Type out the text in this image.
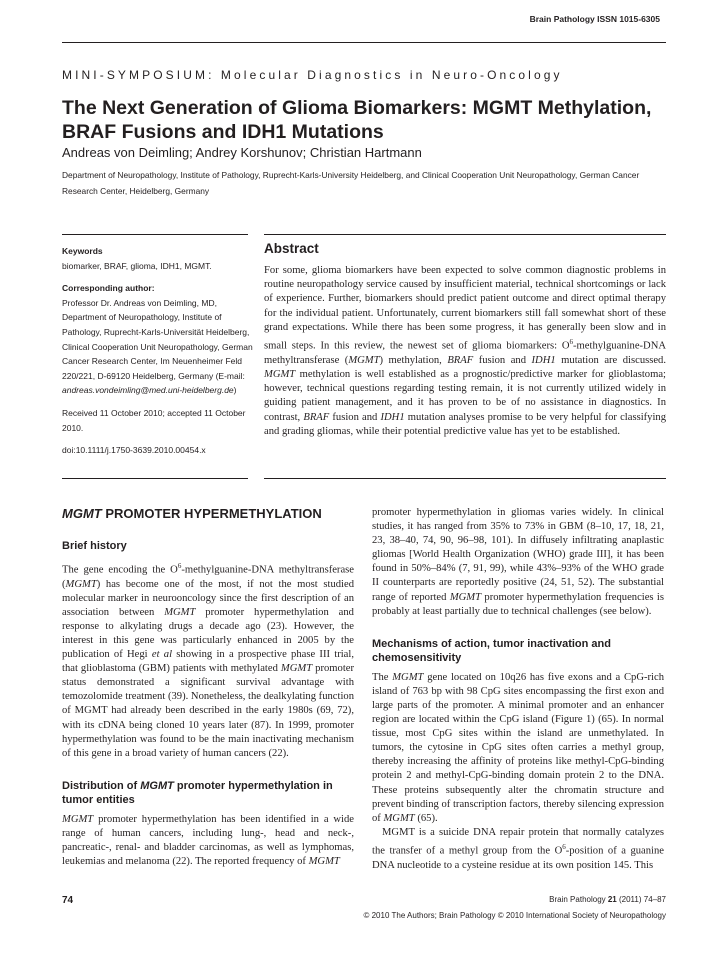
Brain Pathology ISSN 1015-6305
MINI-SYMPOSIUM: Molecular Diagnostics in Neuro-Oncology
The Next Generation of Glioma Biomarkers: MGMT Methylation, BRAF Fusions and IDH1 Mutations
Andreas von Deimling; Andrey Korshunov; Christian Hartmann
Department of Neuropathology, Institute of Pathology, Ruprecht-Karls-University Heidelberg, and Clinical Cooperation Unit Neuropathology, German Cancer Research Center, Heidelberg, Germany

Keywords

biomarker, BRAF, glioma, IDH1, MGMT.

Corresponding author:

Professor Dr. Andreas von Deimling, MD, Department of Neuropathology, Institute of Pathology, Ruprecht-Karls-Universität Heidelberg, Clinical Cooperation Unit Neuropathology, German Cancer Research Center, Im Neuenheimer Feld 220/221, D-69120 Heidelberg, Germany (E-mail: andreas.vondeimling@med.uni-heidelberg.de)

Received 11 October 2010; accepted 11 October 2010.

doi:10.1111/j.1750-3639.2010.00454.x

Abstract

For some, glioma biomarkers have been expected to solve common diagnostic problems in routine neuropathology service caused by insufficient material, technical shortcomings or lack of experience. Further, biomarkers should predict patient outcome and direct optimal therapy for the individual patient. Unfortunately, current biomarkers still fall somewhat short of these grand expectations. While there has been some progress, it has generally been slow and in small steps. In this review, the newest set of glioma biomarkers: $O^6-methylguanine$-DNA methyltransferase (MGMT) methylation, BRAF fusion and IDH1 mutation are discussed. MGMT methylation is well established as a prognostic/predictive marker for glioblastoma; however, technical questions regarding testing remain, it is not currently utilized widely in guiding patient management, and it has proven to be of no assistance in diagnostics. In contrast, BRAF fusion and IDH1 mutation analyses promise to be very helpful for classifying and grading gliomas, while their potential predictive value has yet to be established.

MGMT PROMOTER HYPERMETHYLATION
Brief history

The gene encoding the $O^6-methylguanine$-DNA methyltransferase (MGMT) has become one of the most, if not the most studied molecular marker in neurooncology since the first description of an association between MGMT promoter hypermethylation and response to alkylating drugs a decade ago (23). However, the interest in this gene was particularly enhanced in 2005 by the publication of Hegi et al showing in a prospective phase III trial, that glioblastoma (GBM) patients with methylated MGMT promoter status demonstrated a significant survival advantage with temozolomide treatment (39). Nonetheless, the dealkylating function of MGMT had already been described in the early 1980s (69, 72), with its cDNA being cloned 10 years later (87). In 1999, promoter hypermethylation was found to be the main inactivating mechanism of this gene in a broad variety of human cancers (22).

Distribution of MGMT promoter hypermethylation in tumor entities

MGMT promoter hypermethylation has been identified in a wide range of human cancers, including lung-, head and neck-, pancreatic-, renal- and bladder carcinomas, as well as lymphomas, leukemias and melanoma (22). The reported frequency of MGMT

promoter hypermethylation in gliomas varies widely. In clinical studies, it has ranged from 35% to 73% in GBM (8–10, 17, 18, 21, 23, 38–40, 74, 90, 96–98, 101). In diffusely infiltrating anaplastic gliomas [World Health Organization (WHO) grade III], it has been found in 50%–84% (7, 91, 99), while 43%–93% of the WHO grade II counterparts are reportedly positive (24, 51, 52). The substantial range of reported MGMT promoter hypermethylation frequencies is probably at least partially due to technical challenges (see below).

Mechanisms of action, tumor inactivation and chemosensitivity

The MGMT gene located on 10q26 has five exons and a CpG-rich island of 763 bp with 98 CpG sites encompassing the first exon and large parts of the promoter. A minimal promoter and an enhancer region are located within the CpG island (Figure 1) (65). In normal tissue, most CpG sites within the island are unmethylated. In tumors, the cytosine in CpG sites often carries a methyl group, thereby increasing the affinity of proteins like methyl-CpG-binding protein 2 and methyl-CpG-binding domain protein 2 to the DNA. These proteins subsequently alter the chromatin structure and prevent binding of transcription factors, thereby silencing expression of MGMT (65).

MGMT is a suicide DNA repair protein that normally catalyzes the transfer of a methyl group from the $O^6$-position of a guanine DNA nucleotide to a cysteine residue at its own position 145. This

74	Brain Pathology 21 (2011) 74–87
© 2010 The Authors; Brain Pathology © 2010 International Society of Neuropathology
